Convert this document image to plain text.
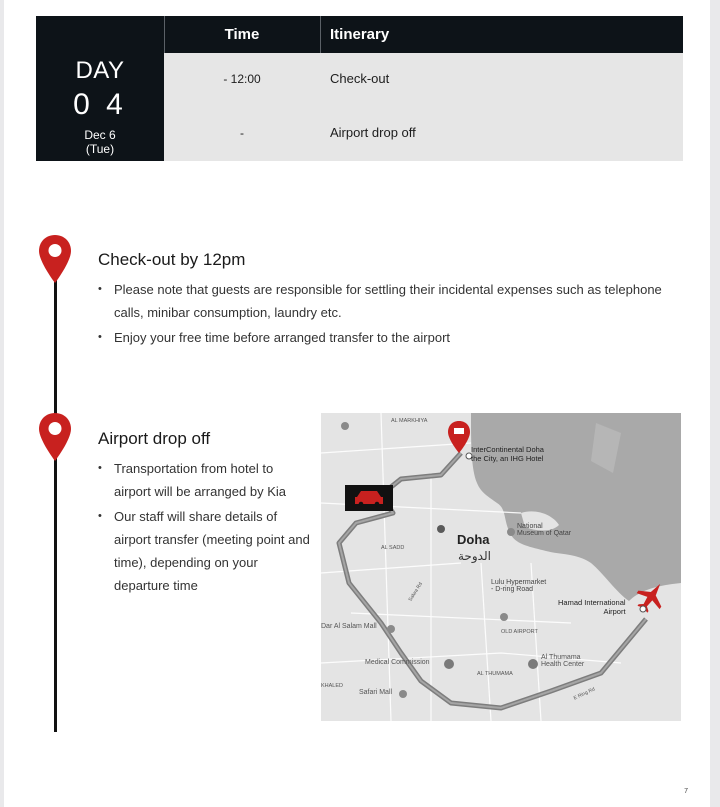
Time	Itinerary
DAY
0 4
Dec 6
(Tue)
- 12:00	Check-out
-	Airport drop off
Check-out by 12pm
• Please note that guests are responsible for settling their incidental expenses such as telephone calls, minibar consumption, laundry etc.
• Enjoy your free time before arranged transfer to the airport
Airport drop off
• Transportation from hotel to airport will be arranged by Kia
• Our staff will share details of airport transfer (meeting point and time), depending on your departure time
InterContinental Doha
the City, an IHG Hotel
AL MARKHIYA
AL SADD
Doha
الدوحة
National
Museum of Qatar
Lulu Hypermarket
- D-ring Road
Hamad International
Airport
Dar Al Salam Mall
OLD AIRPORT
Al Thumama
Health Center
AL THUMAMA
Medical Commission
Safari Mall
KHALED
Salwa Rd
E Ring Rd
7
